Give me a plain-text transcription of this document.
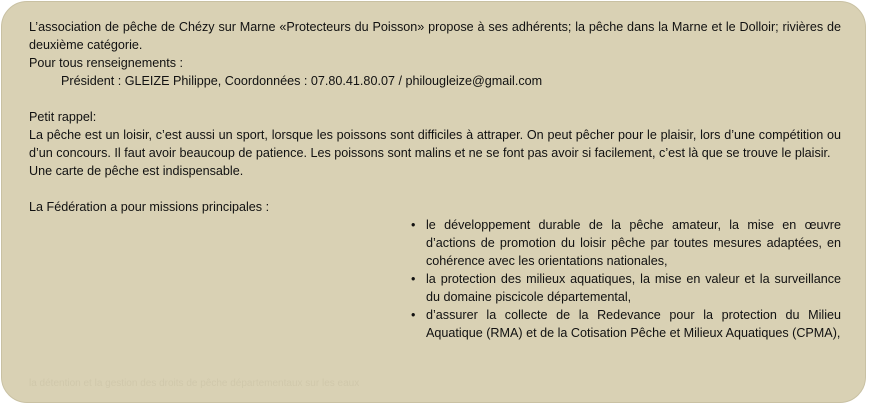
L’association de pêche de Chézy sur Marne «Protecteurs du Poisson» propose à ses adhérents; la pêche dans la Marne et le Dolloir; rivières de deuxième catégorie.

Pour tous renseignements :

Président : GLEIZE Philippe, Coordonnées : 07.80.41.80.07 / philougleize@gmail.com

Petit rappel:

La pêche est un loisir, c’est aussi un sport, lorsque les poissons sont difficiles à attraper. On peut pêcher pour le plaisir, lors d’une compétition ou d’un concours. Il faut avoir beaucoup de patience. Les poissons sont malins et ne se font pas avoir si facilement, c’est là que se trouve le plaisir.

Une carte de pêche est indispensable.

La Fédération a pour missions principales :

• le développement durable de la pêche amateur, la mise en œuvre d’actions de promotion du loisir pêche par toutes mesures adaptées, en cohérence avec les orientations nationales,
• la protection des milieux aquatiques, la mise en valeur et la surveillance du domaine piscicole départemental,
• d’assurer la collecte de la Redevance pour la protection du Milieu Aquatique (RMA) et de la Cotisation Pêche et Milieux Aquatiques (CPMA),
la détention et la gestion des droits de pêche départementaux sur les eaux
